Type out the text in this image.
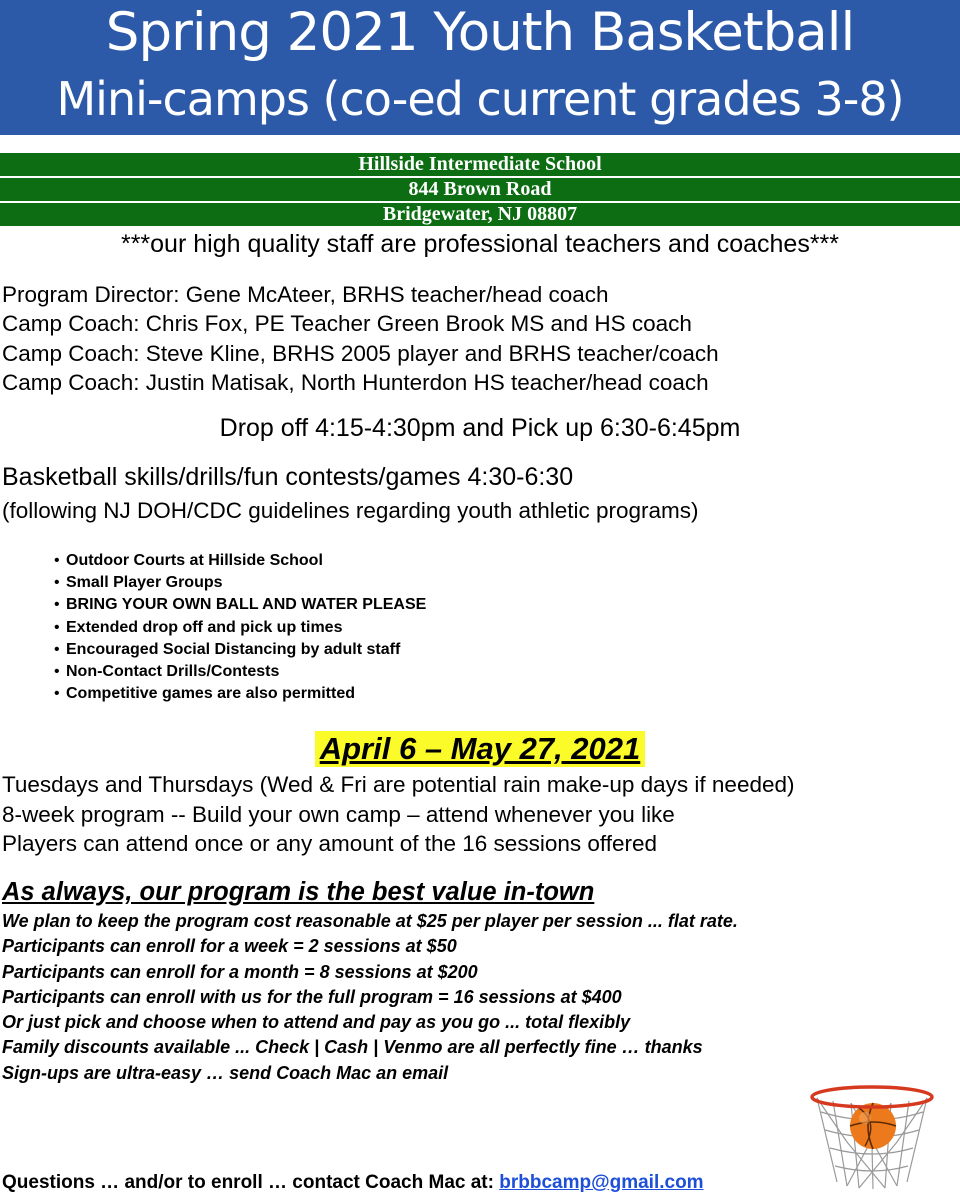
Spring 2021 Youth Basketball
Mini-camps (co-ed current grades 3-8)
Hillside Intermediate School
844 Brown Road
Bridgewater, NJ 08807
***our high quality staff are professional teachers and coaches***
Program Director: Gene McAteer, BRHS teacher/head coach
Camp Coach: Chris Fox, PE Teacher Green Brook MS and HS coach
Camp Coach: Steve Kline, BRHS 2005 player and BRHS teacher/coach
Camp Coach: Justin Matisak, North Hunterdon HS teacher/head coach
Drop off 4:15-4:30pm and Pick up 6:30-6:45pm
Basketball skills/drills/fun contests/games 4:30-6:30
(following NJ DOH/CDC guidelines regarding youth athletic programs)
• Outdoor Courts at Hillside School
• Small Player Groups
• BRING YOUR OWN BALL AND WATER PLEASE
• Extended drop off and pick up times
• Encouraged Social Distancing by adult staff
• Non-Contact Drills/Contests
• Competitive games are also permitted
April 6 – May 27, 2021
Tuesdays and Thursdays (Wed & Fri are potential rain make-up days if needed)
8-week program -- Build your own camp – attend whenever you like
Players can attend once or any amount of the 16 sessions offered
As always, our program is the best value in-town
We plan to keep the program cost reasonable at $25 per player per session ... flat rate.
Participants can enroll for a week = 2 sessions at $50
Participants can enroll for a month = 8 sessions at $200
Participants can enroll with us for the full program = 16 sessions at $400
Or just pick and choose when to attend and pay as you go ... total flexibly
Family discounts available ... Check | Cash | Venmo are all perfectly fine … thanks
Sign-ups are ultra-easy … send Coach Mac an email
Questions … and/or to enroll … contact Coach Mac at: brbbcamp@gmail.com
